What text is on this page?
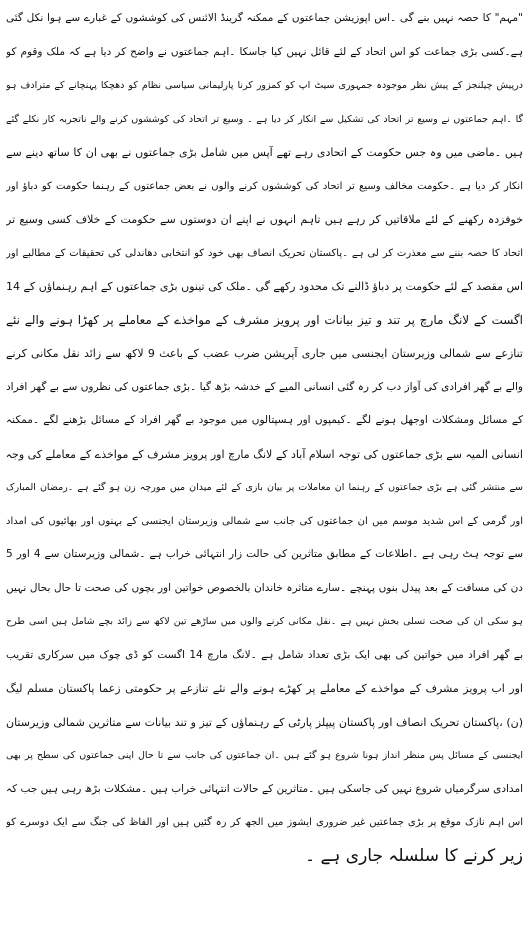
"مہم" کا حصہ نہیں بنے گی ۔اس اپوزیشن جماعتوں کے ممکنہ گرینڈ الائنس کی کوششوں کے غبارے سے ہوا نکل گئی
ہے۔کسی بڑی جماعت کو اس اتحاد کے لئے قائل نہیں کیا جاسکا ۔اہم جماعتوں نے واضح کر دیا ہے کہ ملک وقوم کو
درپیش چیلنجز کے پیش نظر موجودہ جمہوری سیٹ اپ کو کمزور کرنا پارلیمانی سیاسی نظام کو دھچکا پہنچانے کے مترادف ہو
گا ۔اہم جماعتوں نے وسیع تر اتحاد کی تشکیل سے انکار کر دیا ہے ۔ وسیع تر اتحاد کی کوششوں کرنے والے ناتجربہ کار نکلے گئے
ہیں ۔ماضی میں وہ جس حکومت کے اتحادی رہے تھے آپس میں شامل بڑی جماعتوں نے بھی ان کا ساتھ دینے سے
انکار کر دیا ہے ۔حکومت مخالف وسیع تر اتحاد کی کوششوں کرنے والوں نے بعض جماعتوں کے رہنما حکومت کو دباؤ اور
خوفزدہ رکھنے کے لئے ملاقاتیں کر رہے ہیں تاہم انہوں نے اپنے ان دوستوں سے حکومت کے خلاف کسی وسیع تر
اتحاد کا حصہ بننے سے معذرت کر لی ہے ۔پاکستان تحریک انصاف بھی خود کو انتخابی دھاندلی کی تحقیقات کے مطالبے اور
اس مقصد کے لئے حکومت پر دباؤ ڈالنے تک محدود رکھے گی ۔ملک کی تینوں بڑی جماعتوں کے اہم رہنماؤں کے 14
اگست کے لانگ مارچ پر تند و تیز بیانات اور پرویز مشرف کے مواخذے کے معاملے پر کھڑا ہونے والے نئے
تنازعے سے شمالی وزیرستان ایجنسی میں جاری آپریشن ضرب عضب کے باعث 9 لاکھ سے زائد نقل مکانی کرنے
والے بے گھر افرادی کی آواز دب کر رہ گئی انسانی المیے کے خدشہ بڑھ گیا ۔بڑی جماعتوں کی نظروں سے بے گھر افراد
کے مسائل ومشکلات اوجھل ہونے لگے ۔کیمپوں اور ہسپتالوں میں موجود بے گھر افراد کے مسائل بڑھنے لگے ۔ممکنہ
انسانی المیہ سے بڑی جماعتوں کی توجہ اسلام آباد کے لانگ مارچ اور پرویز مشرف کے مواخذے کے معاملے کی وجہ
سے منتشر گئی ہے بڑی جماعتوں کے رہنما ان معاملات پر بیان بازی کے لئے میدان میں مورچہ زن ہو گئے ہے ۔رمضان المبارک
اور گرمی کے اس شدید موسم میں ان جماعتوں کی جانب سے شمالی وزیرستان ایجنسی کے بہنوں اور بھائیوں کی امداد
سے توجہ ہٹ رہی ہے ۔اطلاعات کے مطابق متاثرین کی حالت زار انتہائی خراب ہے ۔شمالی وزیرستان سے 4 اور 5
دن کی مسافت کے بعد پیدل بنوں پہنچے ۔سارے متاثرہ خاندان بالخصوص خواتین اور بچوں کی صحت تا حال بحال نہیں
ہو سکی ان کی صحت تسلی بخش نہیں ہے ۔نقل مکانی کرنے والوں میں ساڑھے تین لاکھ سے زائد بچے شامل ہیں اسی طرح
بے گھر افراد میں خواتین کی بھی ایک بڑی تعداد شامل ہے ۔لانگ مارچ 14 اگست کو ڈی چوک میں سرکاری تقریب
اور اب پرویز مشرف کے مواخذے کے معاملے پر کھڑے ہونے والے نئے تنازعے پر حکومتی زعما پاکستان مسلم لیگ
(ن) ،پاکستان تحریک انصاف اور پاکستان پیپلز پارٹی کے رہنماؤں کے تیز و تند بیانات سے متاثرین شمالی وزیرستان
ایجنسی کے مسائل پس منظر انداز ہونا شروع ہو گئے ہیں ۔ان جماعتوں کی جانب سے تا حال اپنی جماعتوں کی سطح پر بھی
امدادی سرگرمیاں شروع نہیں کی جاسکی ہیں ۔متاثرین کے حالات انتہائی خراب ہیں ۔مشکلات بڑھ رہی ہیں جب کہ
اس اہم نازک موقع پر بڑی جماعتیں غیر ضروری ایشوز میں الجھ کر رہ گئیں ہیں اور الفاظ کی جنگ سے ایک دوسرے کو
زیر کرنے کا سلسلہ جاری ہے ۔
